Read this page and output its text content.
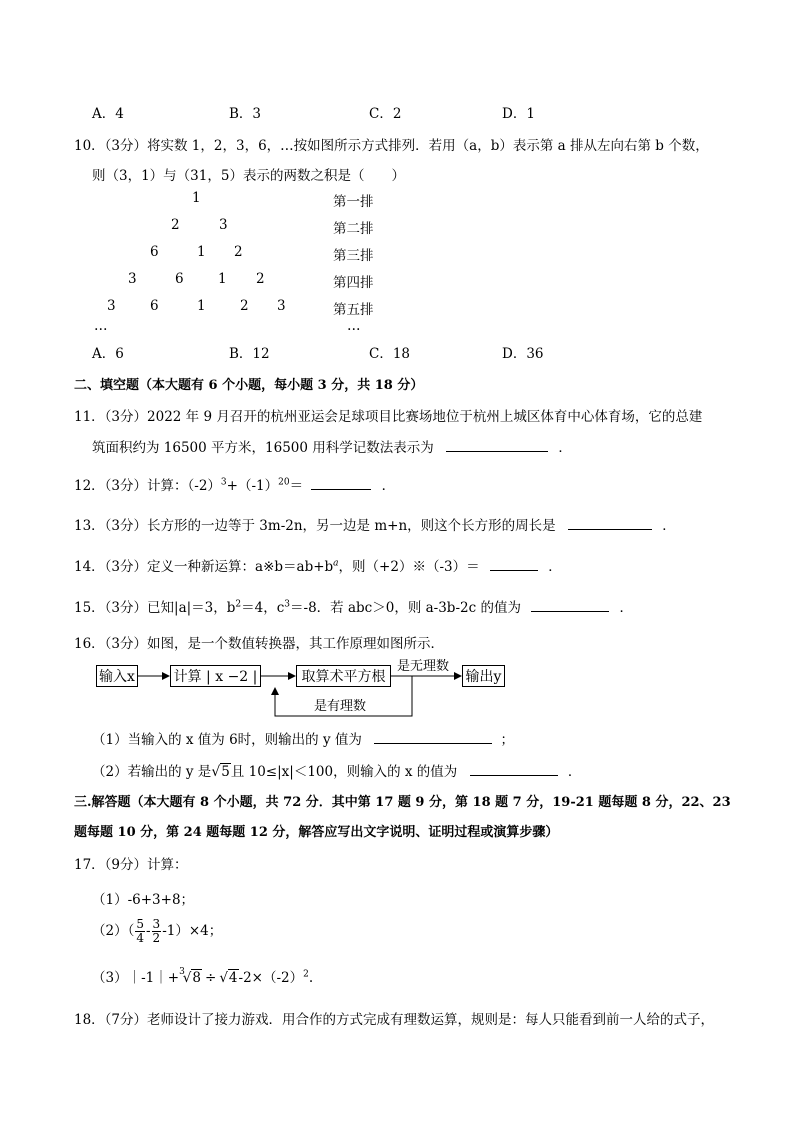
A．4	B．3	C．2	D．1
10．（3分）将实数 1，2，3，6，…按如图所示方式排列．若用（a，b）表示第 a 排从左向右第 b 个数，
则（3，1）与（31，5）表示的两数之积是（　　）
1	第一排
2	3	第二排
6	1 2	第三排
3	6	1 2	第四排
3	6	1	2 3	第五排
…	…
A．6	B．12	C．18	D．36
二、填空题（本大题有 6 个小题，每小题 3 分，共 18 分）
11．（3分）2022 年 9 月召开的杭州亚运会足球项目比赛场地位于杭州上城区体育中心体育场，它的总建
筑面积约为 16500 平方米，16500 用科学记数法表示为	．
12．（3分）计算：$(-2)^3+(-1)^{20}=$	．
13．（3分）长方形的一边等于 3m-2n，另一边是 m+n，则这个长方形的周长是	．
14．（3分）定义一种新运算：$a※b=ab+b^a$，则（+2）※（-3）＝	．
15．（3分）已知|a|＝3，$b^2=4$，$c^3=-8$．若 abc＞0，则 a-3b-2c 的值为	．
16．（3分）如图，是一个数值转换器，其工作原理如图所示．
输入x	计算 | x −2 |	取算术平方根	输出y
是无理数
是有理数
（1）当输入的 x 值为 6时，则输出的 y 值为	；
（2）若输出的 y 是√5且 10≤|x|＜100，则输入的 x 的值为	．
三.解答题（本大题有 8 个小题，共 72 分．其中第 17 题 9 分，第 18 题 7 分，19-21 题每题 8 分，22、23
题每题 10 分，第 24 题每题 12 分，解答应写出文字说明、证明过程或演算步骤）
17．（9分）计算：
（1）-6+3+8；
$(2)( \frac{5}{4} - \frac{3}{2} -1)\times 4$；
（3）｜-1｜+$^3$√8 ÷ $√4-2\times(-2)^2$.
18．（7分）老师设计了接力游戏．用合作的方式完成有理数运算，规则是：每人只能看到前一人给的式子，
